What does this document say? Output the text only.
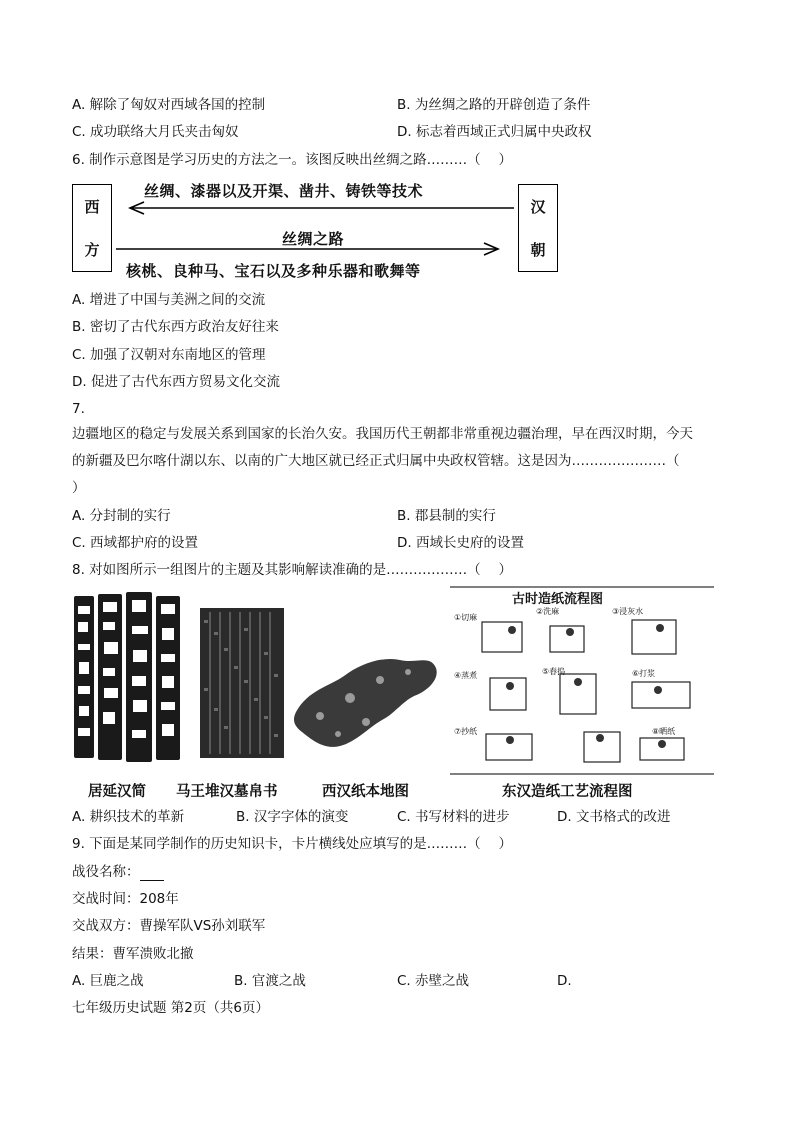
A. 解除了匈奴对西域各国的控制	B. 为丝绸之路的开辟创造了条件
C. 成功联络大月氏夹击匈奴	D. 标志着西域正式归属中央政权
6. 制作示意图是学习历史的方法之一。该图反映出丝绸之路………（　 ）
西
方
汉
朝
丝绸、漆器以及开渠、凿井、铸铁等技术
丝绸之路
核桃、良种马、宝石以及多种乐器和歌舞等
A. 增进了中国与美洲之间的交流
B. 密切了古代东西方政治友好往来
C. 加强了汉朝对东南地区的管理
D. 促进了古代东西方贸易文化交流
7.
边疆地区的稳定与发展关系到国家的长治久安。我国历代王朝都非常重视边疆治理，早在西汉时期，今天
的新疆及巴尔喀什湖以东、以南的广大地区就已经正式归属中央政权管辖。这是因为…………………（
）
A. 分封制的实行	B. 郡县制的实行
C. 西域都护府的设置	D. 西域长史府的设置
8. 对如图所示一组图片的主题及其影响解读准确的是………………（　 ）
古时造纸流程图
①切麻
②洗麻	③浸灰水
④蒸煮	⑤舂捣	⑥打浆
⑦抄纸	⑧晒纸
居延汉简 马王堆汉墓帛书	西汉纸本地图	东汉造纸工艺流程图
A. 耕织技术的革新	B. 汉字字体的演变	C. 书写材料的进步	D. 文书格式的改进
9. 下面是某同学制作的历史知识卡，卡片横线处应填写的是………（　 ）
战役名称：
交战时间：208年
交战双方：曹操军队VS孙刘联军
结果：曹军溃败北撤
A. 巨鹿之战	B. 官渡之战	C. 赤壁之战	D.
七年级历史试题 第2页（共6页）
